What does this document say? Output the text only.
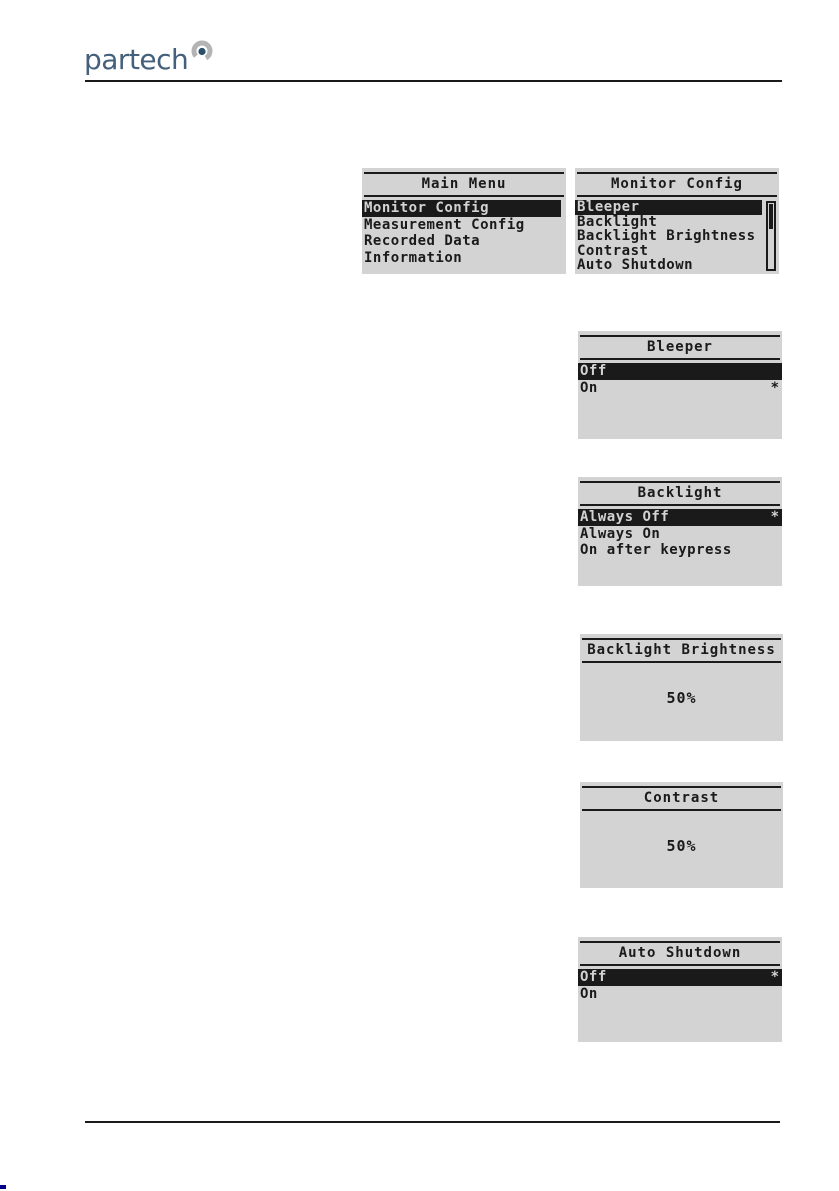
partech
Main Menu
Monitor Config
Measurement Config
Recorded Data
Information
Monitor Config
Bleeper
Backlight
Backlight Brightness
Contrast
Auto Shutdown
Bleeper
Off
On	*
Backlight
Always Off	*
Always On
On after keypress
Backlight Brightness
50%
Contrast
50%
Auto Shutdown
Off	*
On
